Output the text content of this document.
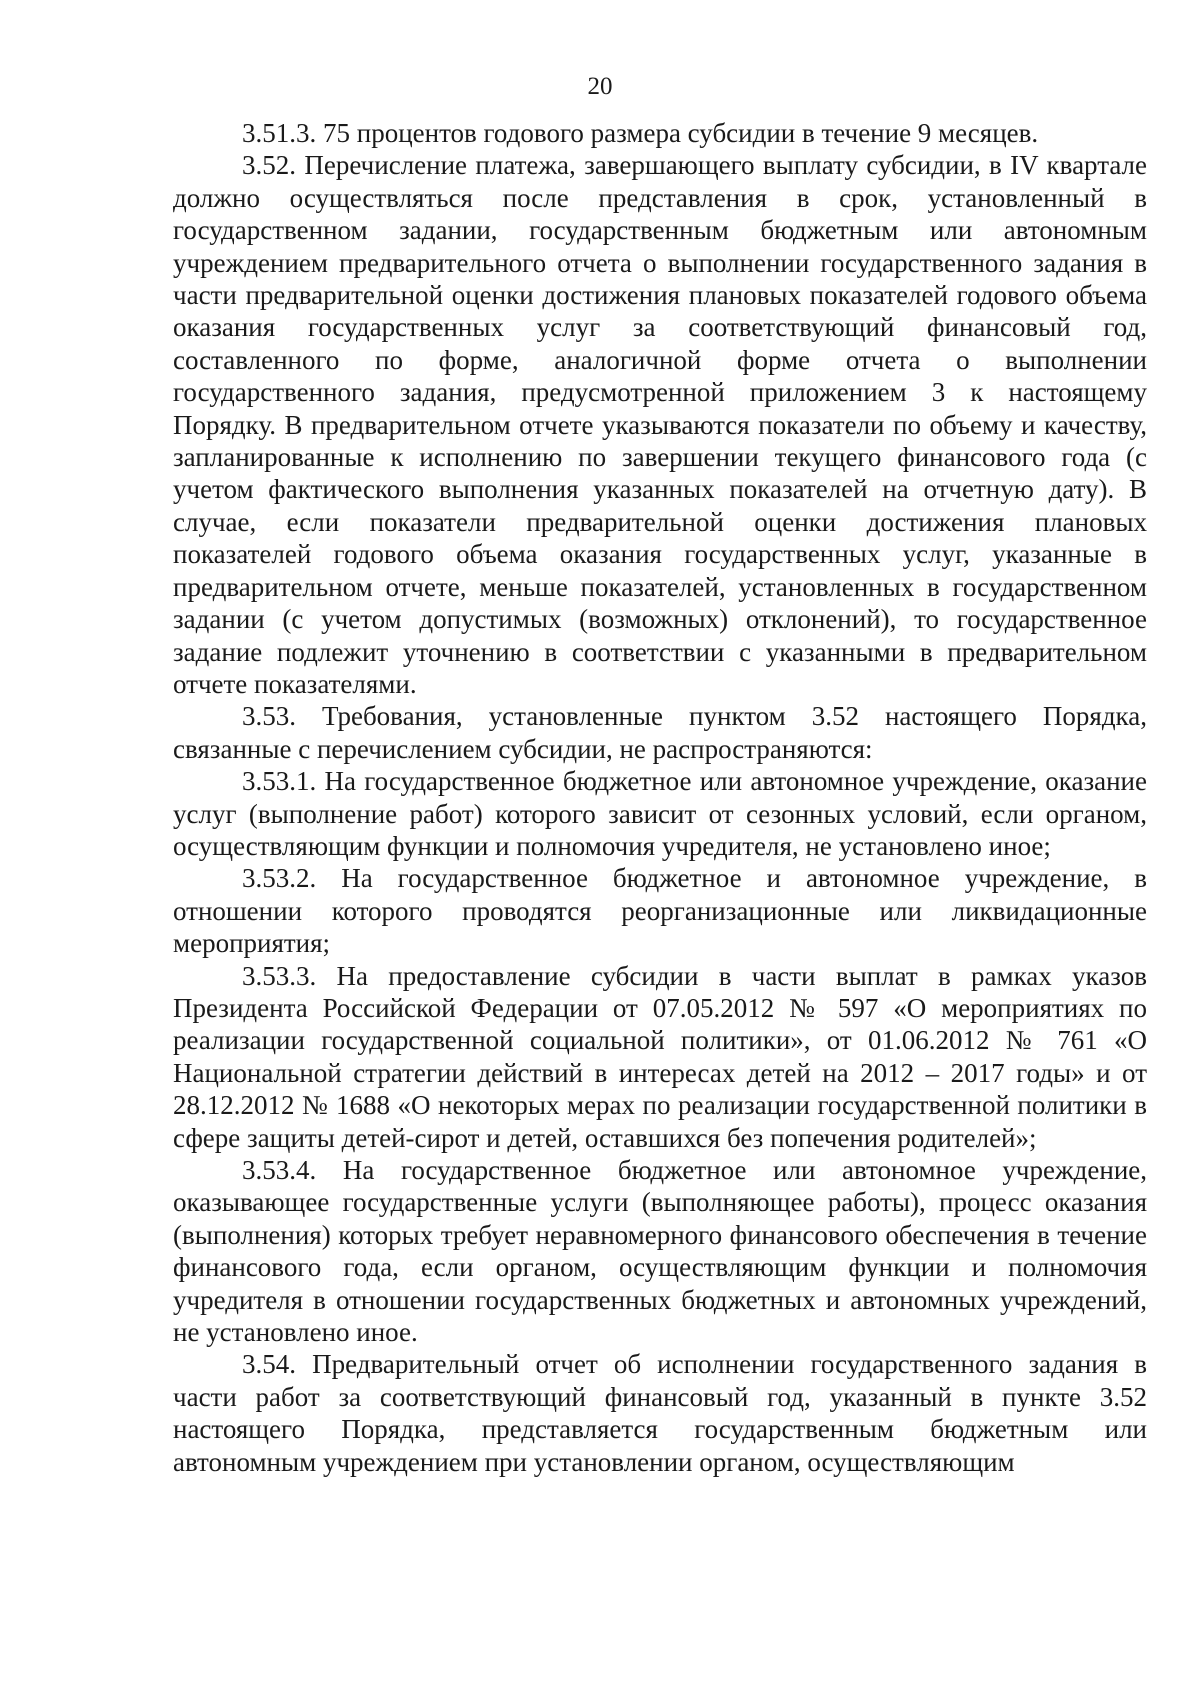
20

3.51.3. 75 процентов годового размера субсидии в течение 9 месяцев.

3.52. Перечисление платежа, завершающего выплату субсидии, в IV квартале должно осуществляться после представления в срок, установленный в государственном задании, государственным бюджетным или автономным учреждением предварительного отчета о выполнении государственного задания в части предварительной оценки достижения плановых показателей годового объема оказания государственных услуг за соответствующий финансовый год, составленного по форме, аналогичной форме отчета о выполнении государственного задания, предусмотренной приложением 3 к настоящему Порядку. В предварительном отчете указываются показатели по объему и качеству, запланированные к исполнению по завершении текущего финансового года (с учетом фактического выполнения указанных показателей на отчетную дату). В случае, если показатели предварительной оценки достижения плановых показателей годового объема оказания государственных услуг, указанные в предварительном отчете, меньше показателей, установленных в государственном задании (с учетом допустимых (возможных) отклонений), то государственное задание подлежит уточнению в соответствии с указанными в предварительном отчете показателями.

3.53. Требования, установленные пунктом 3.52 настоящего Порядка, связанные с перечислением субсидии, не распространяются:

3.53.1. На государственное бюджетное или автономное учреждение, оказание услуг (выполнение работ) которого зависит от сезонных условий, если органом, осуществляющим функции и полномочия учредителя, не установлено иное;

3.53.2. На государственное бюджетное и автономное учреждение, в отношении которого проводятся реорганизационные или ликвидационные мероприятия;

3.53.3. На предоставление субсидии в части выплат в рамках указов Президента Российской Федерации от 07.05.2012 № 597 «О мероприятиях по реализации государственной социальной политики», от 01.06.2012 № 761 «О Национальной стратегии действий в интересах детей на 2012 – 2017 годы» и от 28.12.2012 № 1688 «О некоторых мерах по реализации государственной политики в сфере защиты детей-сирот и детей, оставшихся без попечения родителей»;

3.53.4. На государственное бюджетное или автономное учреждение, оказывающее государственные услуги (выполняющее работы), процесс оказания (выполнения) которых требует неравномерного финансового обеспечения в течение финансового года, если органом, осуществляющим функции и полномочия учредителя в отношении государственных бюджетных и автономных учреждений, не установлено иное.

3.54. Предварительный отчет об исполнении государственного задания в части работ за соответствующий финансовый год, указанный в пункте 3.52 настоящего Порядка, представляется государственным бюджетным или автономным учреждением при установлении органом, осуществляющим
